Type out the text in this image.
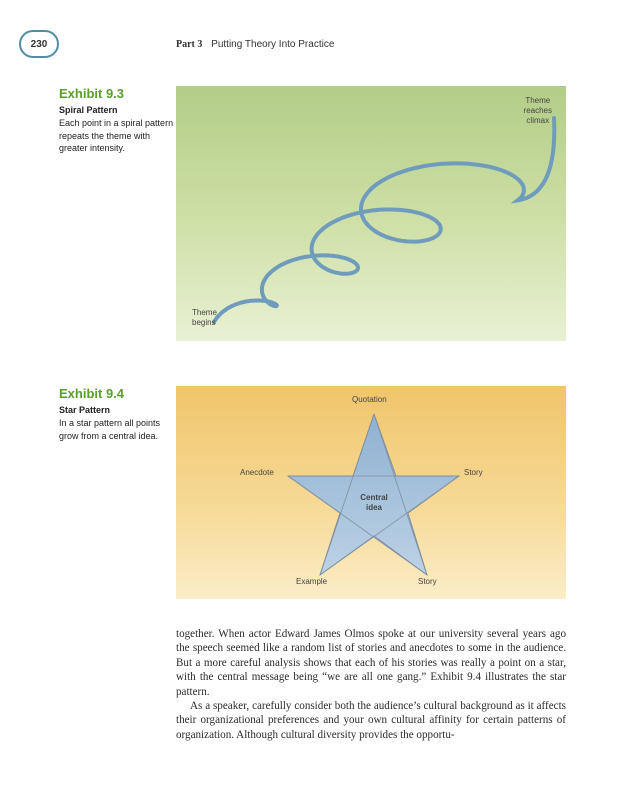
230	Part 3 Putting Theory Into Practice
Exhibit 9.3
Spiral Pattern
Each point in a spiral pattern repeats the theme with greater intensity.
Theme
reaches
climax
Theme
begins
Exhibit 9.4
Star Pattern
In a star pattern all points grow from a central idea.
Quotation
Anecdote	Story
Example	Story
Central
idea

together. When actor Edward James Olmos spoke at our university several years ago the speech seemed like a random list of stories and anecdotes to some in the audience. But a more careful analysis shows that each of his stories was really a point on a star, with the central message being “we are all one gang.” Exhibit 9.4 illustrates the star pattern.

As a speaker, carefully consider both the audience’s cultural background as it affects their organizational preferences and your own cultural affinity for certain patterns of organization. Although cultural diversity provides the opportu-
